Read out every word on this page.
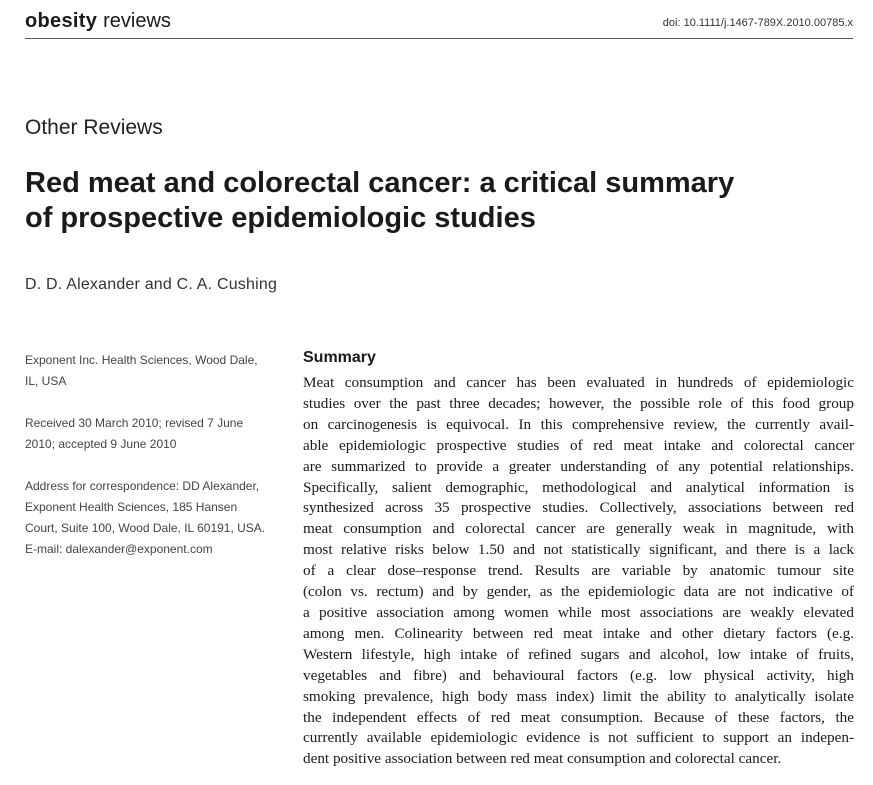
obesity reviews	doi: 10.1111/j.1467-789X.2010.00785.x
Other Reviews
Red meat and colorectal cancer: a critical summary
of prospective epidemiologic studies
D. D. Alexander and C. A. Cushing
Exponent Inc. Health Sciences, Wood Dale,
IL, USA
Received 30 March 2010; revised 7 June
2010; accepted 9 June 2010
Address for correspondence: DD Alexander,
Exponent Health Sciences, 185 Hansen
Court, Suite 100, Wood Dale, IL 60191, USA.
E-mail: dalexander@exponent.com
Summary
Meat consumption and cancer has been evaluated in hundreds of epidemiologic
studies over the past three decades; however, the possible role of this food group
on carcinogenesis is equivocal. In this comprehensive review, the currently avail-
able epidemiologic prospective studies of red meat intake and colorectal cancer
are summarized to provide a greater understanding of any potential relationships.
Specifically, salient demographic, methodological and analytical information is
synthesized across 35 prospective studies. Collectively, associations between red
meat consumption and colorectal cancer are generally weak in magnitude, with
most relative risks below 1.50 and not statistically significant, and there is a lack
of a clear dose–response trend. Results are variable by anatomic tumour site
(colon vs. rectum) and by gender, as the epidemiologic data are not indicative of
a positive association among women while most associations are weakly elevated
among men. Colinearity between red meat intake and other dietary factors (e.g.
Western lifestyle, high intake of refined sugars and alcohol, low intake of fruits,
vegetables and fibre) and behavioural factors (e.g. low physical activity, high
smoking prevalence, high body mass index) limit the ability to analytically isolate
the independent effects of red meat consumption. Because of these factors, the
currently available epidemiologic evidence is not sufficient to support an indepen-
dent positive association between red meat consumption and colorectal cancer.
